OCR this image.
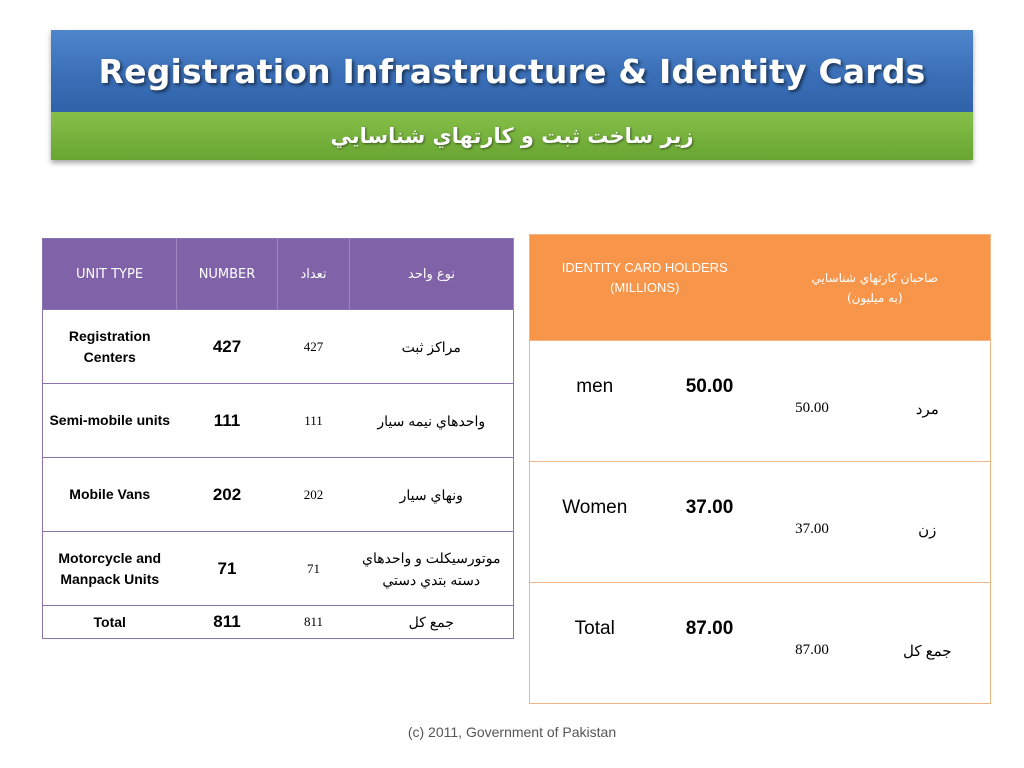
Registration Infrastructure & Identity Cards
زیر ساخت ثبت و کارتهاي شناسايي
UNIT TYPE	NUMBER	تعداد	نوع واحد
Registration Centers	427	427	مراكز ثبت
Semi-mobile units	111	111	واحدهاي نيمه سيار
Mobile Vans	202	202	ونهاي سيار
Motorcycle and Manpack Units	71	71	موتورسيكلت و واحدهاي دسته بتدي دستي
Total	811	811	جمع کل
IDENTITY CARD HOLDERS (MILLIONS)		صاحبان کارتهاي شناسايي
(به ميليون)	

men	50.00	50.00	مرد
Women	37.00	37.00	زن
Total	87.00	87.00	جمع کل
(c) 2011, Government of Pakistan
